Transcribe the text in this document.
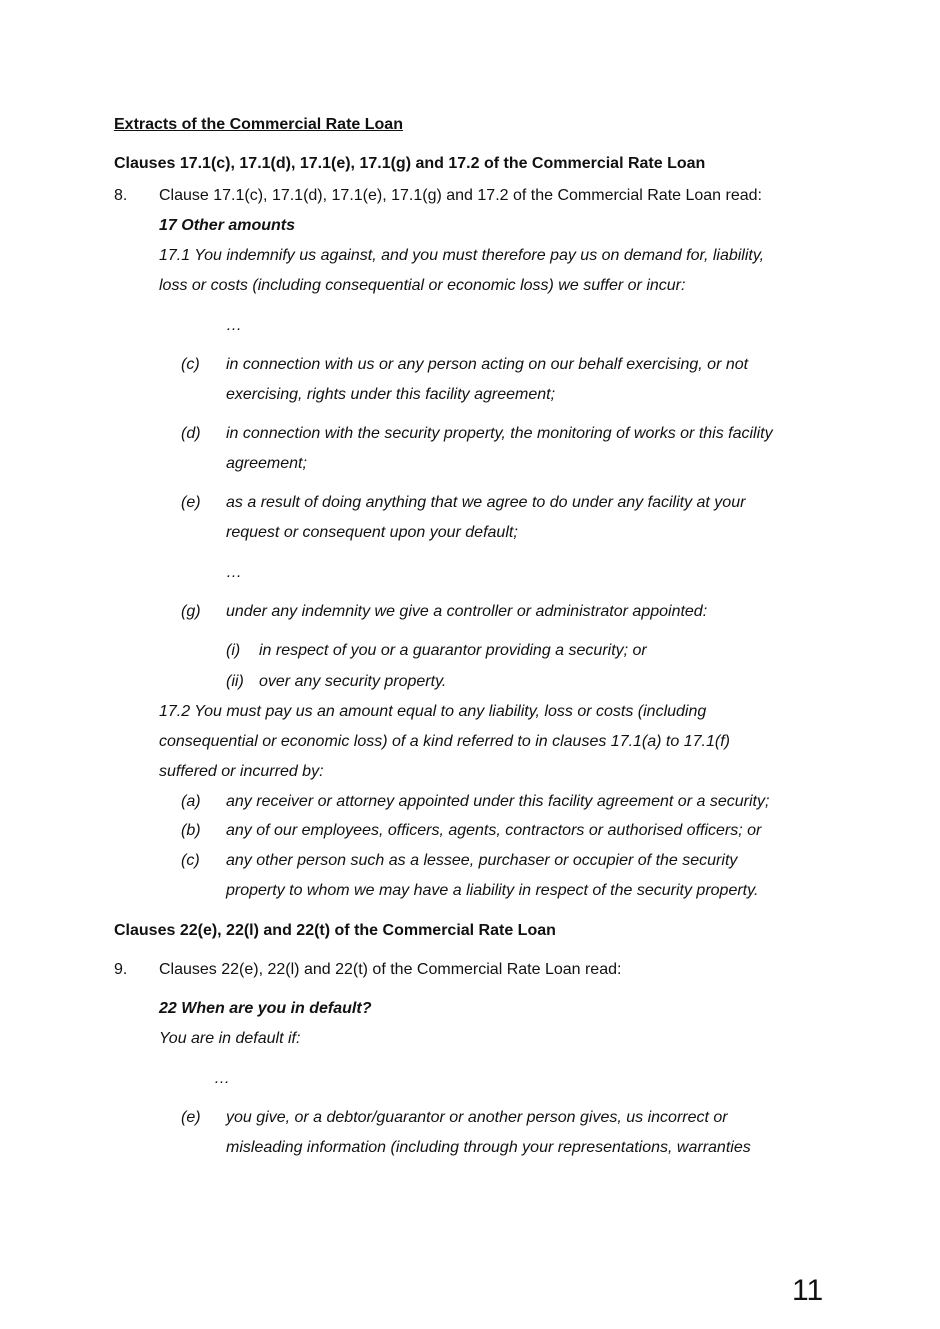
Extracts of the Commercial Rate Loan
Clauses 17.1(c), 17.1(d), 17.1(e), 17.1(g) and 17.2 of the Commercial Rate Loan
8. Clause 17.1(c), 17.1(d), 17.1(e), 17.1(g) and 17.2 of the Commercial Rate Loan read:
17 Other amounts
17.1 You indemnify us against, and you must therefore pay us on demand for, liability,
loss or costs (including consequential or economic loss) we suffer or incur:
…
(c) in connection with us or any person acting on our behalf exercising, or not
exercising, rights under this facility agreement;
(d) in connection with the security property, the monitoring of works or this facility
agreement;
(e) as a result of doing anything that we agree to do under any facility at your
request or consequent upon your default;
…
(g) under any indemnity we give a controller or administrator appointed:
(i) in respect of you or a guarantor providing a security; or
(ii) over any security property.
17.2 You must pay us an amount equal to any liability, loss or costs (including
consequential or economic loss) of a kind referred to in clauses 17.1(a) to 17.1(f)
suffered or incurred by:
(a) any receiver or attorney appointed under this facility agreement or a security;
(b) any of our employees, officers, agents, contractors or authorised officers; or
(c) any other person such as a lessee, purchaser or occupier of the security
property to whom we may have a liability in respect of the security property.
Clauses 22(e), 22(l) and 22(t) of the Commercial Rate Loan
9. Clauses 22(e), 22(l) and 22(t) of the Commercial Rate Loan read:
22 When are you in default?
You are in default if:
…
(e) you give, or a debtor/guarantor or another person gives, us incorrect or
misleading information (including through your representations, warranties
11
